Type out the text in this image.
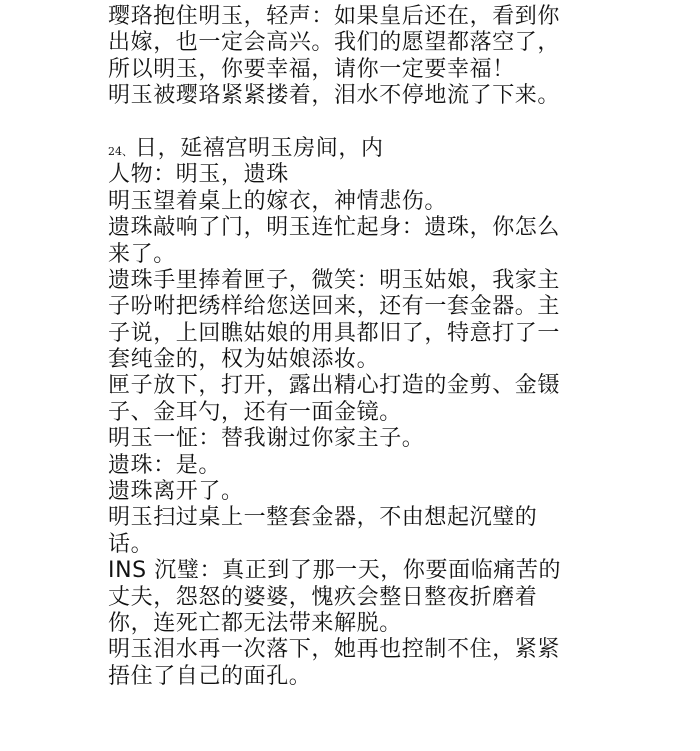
璎珞抱住明玉，轻声：如果皇后还在，看到你
出嫁，也一定会高兴。我们的愿望都落空了，
所以明玉，你要幸福，请你一定要幸福！
明玉被璎珞紧紧搂着，泪水不停地流了下来。
24、日，延禧宫明玉房间，内
人物：明玉，遗珠
明玉望着桌上的嫁衣，神情悲伤。
遗珠敲响了门，明玉连忙起身：遗珠，你怎么
来了。
遗珠手里捧着匣子，微笑：明玉姑娘，我家主
子吩咐把绣样给您送回来，还有一套金器。主
子说，上回瞧姑娘的用具都旧了，特意打了一
套纯金的，权为姑娘添妆。
匣子放下，打开，露出精心打造的金剪、金镊
子、金耳勺，还有一面金镜。
明玉一怔：替我谢过你家主子。
遗珠：是。
遗珠离开了。
明玉扫过桌上一整套金器，不由想起沉璧的
话。
INS 沉璧：真正到了那一天，你要面临痛苦的
丈夫，怨怒的婆婆，愧疚会整日整夜折磨着
你，连死亡都无法带来解脱。
明玉泪水再一次落下，她再也控制不住，紧紧
捂住了自己的面孔。
